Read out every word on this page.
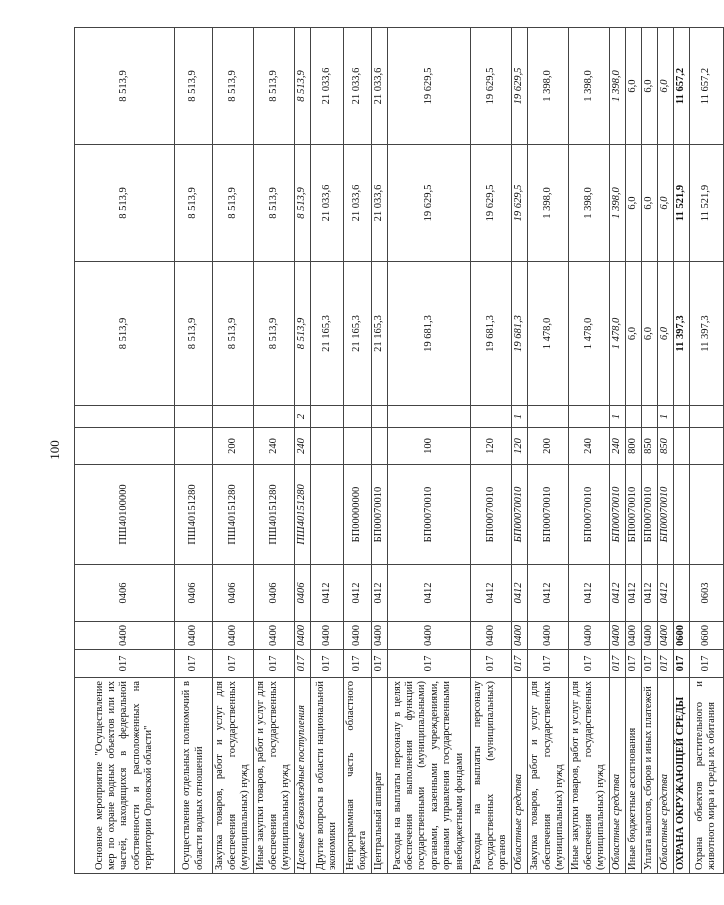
100
Основное мероприятие "Осуществление мер по охране водных объектов или их частей, находящихся в федеральной собственности и расположенных на территории Орловской области"	017	0400	0406	ПШ40100000			8 513,9	8 513,9	8 513,9
Осуществление отдельных полномочий в области водных отношений	017	0400	0406	ПШ40151280			8 513,9	8 513,9	8 513,9
Закупка товаров, работ и услуг для обеспечения государственных (муниципальных) нужд	017	0400	0406	ПШ40151280	200		8 513,9	8 513,9	8 513,9
Иные закупки товаров, работ и услуг для обеспечения государственных (муниципальных) нужд	017	0400	0406	ПШ40151280	240		8 513,9	8 513,9	8 513,9
Целевые безвозмездные поступления	017	0400	0406	ПШ40151280	240	2	8 513,9	8 513,9	8 513,9
Другие вопросы в области национальной экономики	017	0400	0412				21 165,3	21 033,6	21 033,6
Непрограммная часть областного бюджета	017	0400	0412	БП00000000			21 165,3	21 033,6	21 033,6
Центральный аппарат	017	0400	0412	БП00070010			21 165,3	21 033,6	21 033,6
Расходы на выплаты персоналу в целях обеспечения выполнения функций государственными (муниципальными) органами, казенными учреждениями, органами управления государственными внебюджетными фондами	017	0400	0412	БП00070010	100		19 681,3	19 629,5	19 629,5
Расходы на выплаты персоналу государственных (муниципальных) органов	017	0400	0412	БП00070010	120		19 681,3	19 629,5	19 629,5
Областные средства	017	0400	0412	БП00070010	120	1	19 681,3	19 629,5	19 629,5
Закупка товаров, работ и услуг для обеспечения государственных (муниципальных) нужд	017	0400	0412	БП00070010	200		1 478,0	1 398,0	1 398,0
Иные закупки товаров, работ и услуг для обеспечения государственных (муниципальных) нужд	017	0400	0412	БП00070010	240		1 478,0	1 398,0	1 398,0
Областные средства	017	0400	0412	БП00070010	240	1	1 478,0	1 398,0	1 398,0
Иные бюджетные ассигнования	017	0400	0412	БП00070010	800		6,0	6,0	6,0
Уплата налогов, сборов и иных платежей	017	0400	0412	БП00070010	850		6,0	6,0	6,0
Областные средства	017	0400	0412	БП00070010	850	1	6,0	6,0	6,0
ОХРАНА ОКРУЖАЮЩЕЙ СРЕДЫ	017	0600					11 397,3	11 521,9	11 657,2
Охрана объектов растительного и животного мира и среды их обитания	017	0600	0603				11 397,3	11 521,9	11 657,2
